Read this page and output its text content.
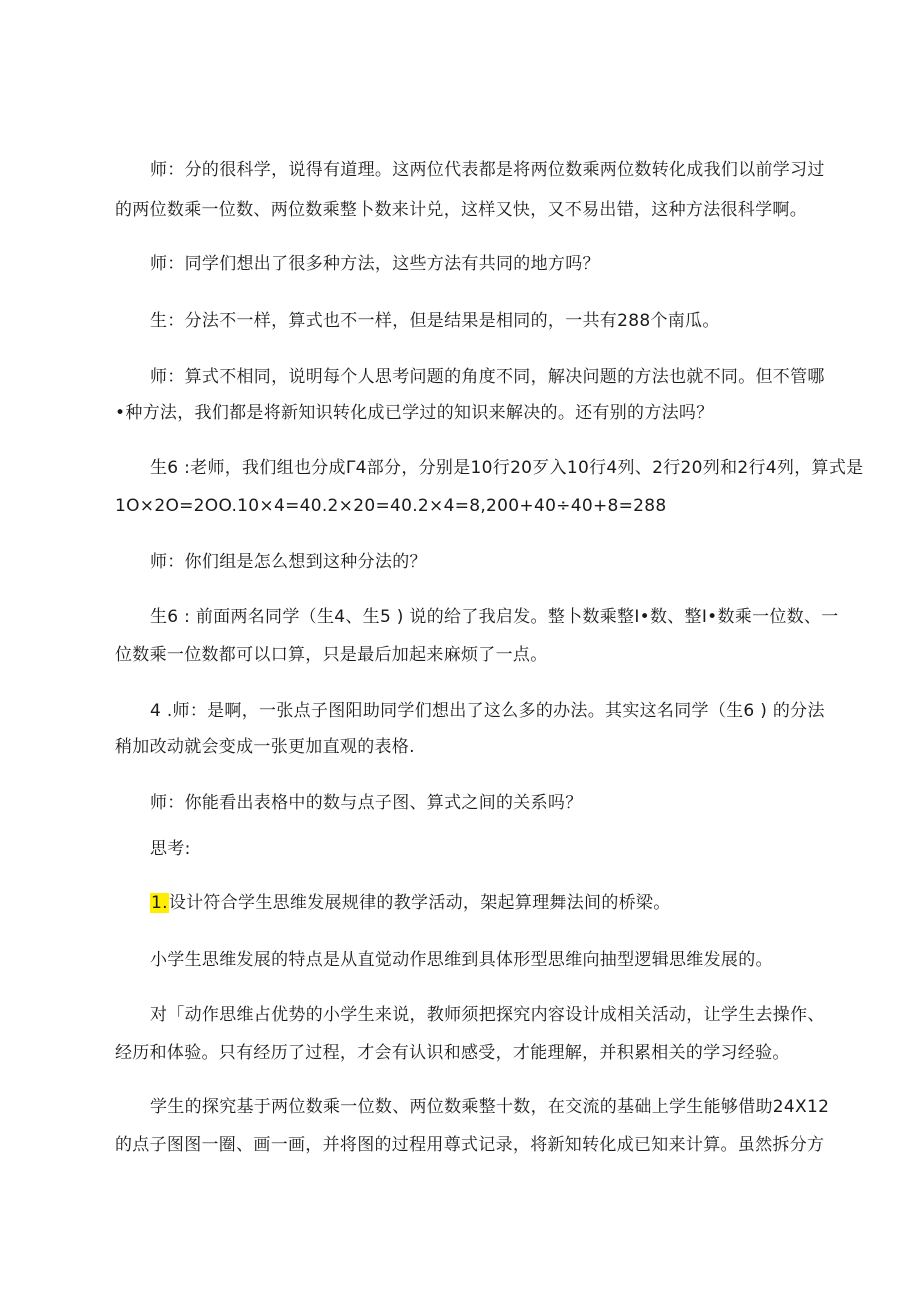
师：分的很科学，说得有道理。这两位代表都是将两位数乘两位数转化成我们以前学习过
的两位数乘一位数、两位数乘整卜数来计兑，这样又快，又不易出错，这种方法很科学啊。
师：同学们想出了很多种方法，这些方法有共同的地方吗？
生：分法不一样，算式也不一样，但是结果是相同的，一共有288个南瓜。
师：算式不相同，说明每个人思考问题的角度不同，解决问题的方法也就不同。但不管哪
•种方法，我们都是将新知识转化成已学过的知识来解决的。还有别的方法吗？
生6 :老师，我们组也分成Γ4部分，分别是10行20歹入10行4列、2行20列和2行4列，算式是
1O×2O=2OO.10×4=40.2×20=40.2×4=8,200+40÷40+8=288
师：你们组是怎么想到这种分法的？
生6 : 前面两名同学（生4、生5 ) 说的给了我启发。整卜数乘整I•数、整I•数乘一位数、一
位数乘一位数都可以口算，只是最后加起来麻烦了一点。
4 .师：是啊，一张点子图阳助同学们想出了这么多的办法。其实这名同学（生6 ) 的分法
稍加改动就会变成一张更加直观的表格.
师：你能看出表格中的数与点子图、算式之间的关系吗？
思考:
1.设计符合学生思维发展规律的教学活动，架起算理舞法间的桥梁。
小学生思维发展的特点是从直觉动作思维到具体形型思维向抽型逻辑思维发展的。
对「动作思维占优势的小学生来说，教师须把探究内容设计成相关活动，让学生去操作、
经历和体验。只有经历了过程，才会有认识和感受，才能理解，并积累相关的学习经验。
学生的探究基于两位数乘一位数、两位数乘整十数，在交流的基础上学生能够借助24X12
的点子图图一圈、画一画，并将图的过程用尊式记录，将新知转化成已知来计算。虽然拆分方
